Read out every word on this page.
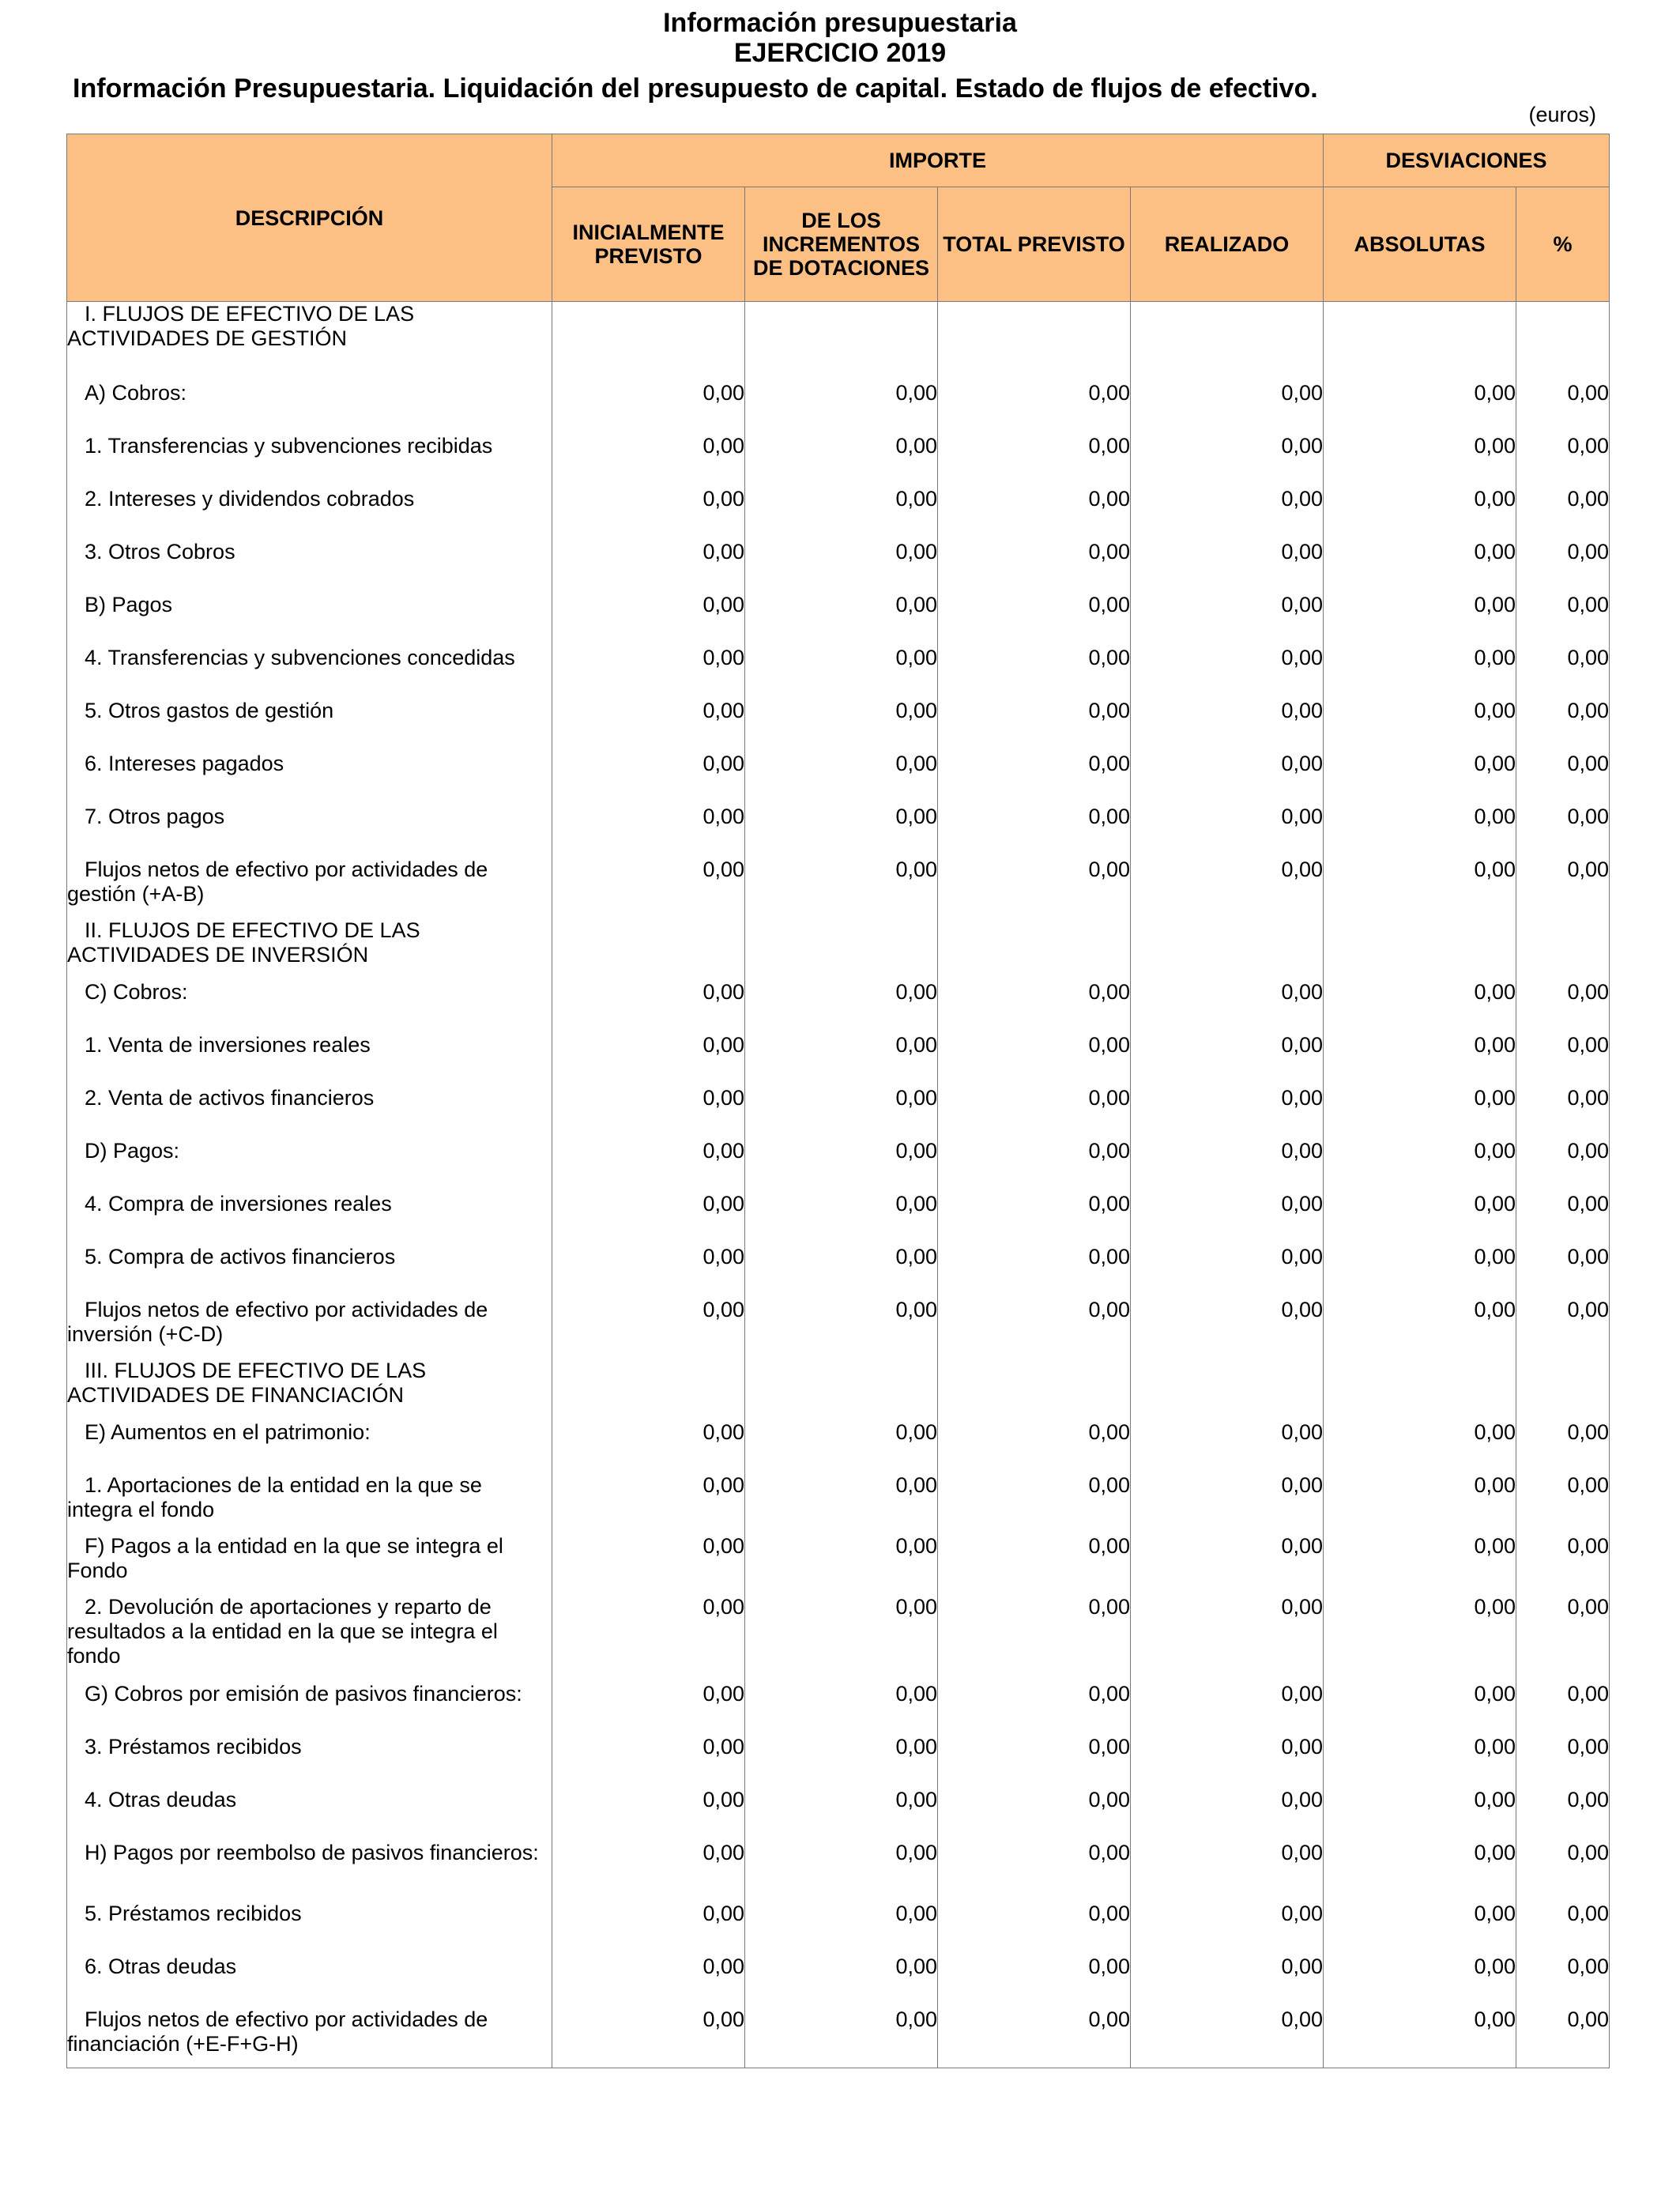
Información presupuestaria
EJERCICIO 2019
Información Presupuestaria. Liquidación del presupuesto de capital. Estado de flujos de efectivo.
(euros)
DESCRIPCIÓN	IMPORTE				DESVIACIONES	
	INICIALMENTE PREVISTO	DE LOS INCREMENTOS DE DOTACIONES	TOTAL PREVISTO	REALIZADO	ABSOLUTAS	%
I. FLUJOS DE EFECTIVO DE LAS ACTIVIDADES DE GESTIÓN						
A) Cobros:	0,00	0,00	0,00	0,00	0,00	0,00
1. Transferencias y subvenciones recibidas	0,00	0,00	0,00	0,00	0,00	0,00
2. Intereses y dividendos cobrados	0,00	0,00	0,00	0,00	0,00	0,00
3. Otros Cobros	0,00	0,00	0,00	0,00	0,00	0,00
B) Pagos	0,00	0,00	0,00	0,00	0,00	0,00
4. Transferencias y subvenciones concedidas	0,00	0,00	0,00	0,00	0,00	0,00
5. Otros gastos de gestión	0,00	0,00	0,00	0,00	0,00	0,00
6. Intereses pagados	0,00	0,00	0,00	0,00	0,00	0,00
7. Otros pagos	0,00	0,00	0,00	0,00	0,00	0,00
Flujos netos de efectivo por actividades de gestión (+A-B)	0,00	0,00	0,00	0,00	0,00	0,00
II. FLUJOS DE EFECTIVO DE LAS ACTIVIDADES DE INVERSIÓN						
C) Cobros:	0,00	0,00	0,00	0,00	0,00	0,00
1. Venta de inversiones reales	0,00	0,00	0,00	0,00	0,00	0,00
2. Venta de activos financieros	0,00	0,00	0,00	0,00	0,00	0,00
D) Pagos:	0,00	0,00	0,00	0,00	0,00	0,00
4. Compra de inversiones reales	0,00	0,00	0,00	0,00	0,00	0,00
5. Compra de activos financieros	0,00	0,00	0,00	0,00	0,00	0,00
Flujos netos de efectivo por actividades de inversión (+C-D)	0,00	0,00	0,00	0,00	0,00	0,00
III. FLUJOS DE EFECTIVO DE LAS ACTIVIDADES DE FINANCIACIÓN						
E) Aumentos en el patrimonio:	0,00	0,00	0,00	0,00	0,00	0,00
1. Aportaciones de la entidad en la que se integra el fondo	0,00	0,00	0,00	0,00	0,00	0,00
F) Pagos a la entidad en la que se integra el Fondo	0,00	0,00	0,00	0,00	0,00	0,00
2. Devolución de aportaciones y reparto de resultados a la entidad en la que se integra el fondo	0,00	0,00	0,00	0,00	0,00	0,00
G) Cobros por emisión de pasivos financieros:	0,00	0,00	0,00	0,00	0,00	0,00
3. Préstamos recibidos	0,00	0,00	0,00	0,00	0,00	0,00
4. Otras deudas	0,00	0,00	0,00	0,00	0,00	0,00
H) Pagos por reembolso de pasivos financieros:	0,00	0,00	0,00	0,00	0,00	0,00
5. Préstamos recibidos	0,00	0,00	0,00	0,00	0,00	0,00
6. Otras deudas	0,00	0,00	0,00	0,00	0,00	0,00
Flujos netos de efectivo por actividades de financiación (+E-F+G-H)	0,00	0,00	0,00	0,00	0,00	0,00
